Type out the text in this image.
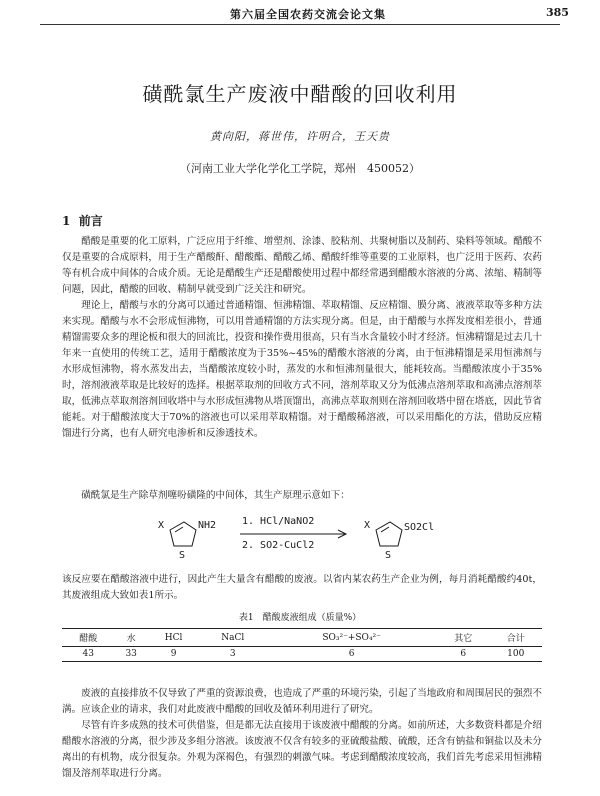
第六届全国农药交流会论文集	385
磺酰氯生产废液中醋酸的回收利用
黄向阳，蒋世伟，许明合，王天贵
（河南工业大学化学化工学院，郑州　450052）
1 前言
醋酸是重要的化工原料，广泛应用于纤维、增塑剂、涂漆、胶粘剂、共聚树脂以及制药、染料等领域。醋酸不仅是重要的合成原料，用于生产醋酸酐、醋酸酯、醋酸乙烯、醋酸纤维等重要的工业原料，也广泛用于医药、农药等有机合成中间体的合成介质。无论是醋酸生产还是醋酸使用过程中都经常遇到醋酸水溶液的分离、浓缩、精制等问题，因此，醋酸的回收、精制早就受到广泛关注和研究。
理论上，醋酸与水的分离可以通过普通精馏、恒沸精馏、萃取精馏、反应精馏、膜分离、液液萃取等多种方法来实现。醋酸与水不会形成恒沸物，可以用普通精馏的方法实现分离。但是，由于醋酸与水挥发度相差很小，普通精馏需要众多的理论板和很大的回流比，投资和操作费用很高，只有当水含量较小时才经济。恒沸精馏是过去几十年来一直使用的传统工艺，适用于醋酸浓度为于35%~45%的醋酸水溶液的分离，由于恒沸精馏是采用恒沸剂与水形成恒沸物，将水蒸发出去，当醋酸浓度较小时，蒸发的水和恒沸剂量很大，能耗较高。当醋酸浓度小于35%时，溶剂液液萃取是比较好的选择。根据萃取剂的回收方式不同，溶剂萃取又分为低沸点溶剂萃取和高沸点溶剂萃取，低沸点萃取剂溶剂回收塔中与水形成恒沸物从塔顶馏出，高沸点萃取剂则在溶剂回收塔中留在塔底，因此节省能耗。对于醋酸浓度大于70%的溶液也可以采用萃取精馏。对于醋酸稀溶液，可以采用酯化的方法，借助反应精馏进行分离，也有人研究电渗析和反渗透技术。
磺酰氯是生产除草剂噻吩磺隆的中间体，其生产原理示意如下：
X
S
NH2	1. HCl/NaNO2
2. SO2-CuCl2
X
S
SO2Cl
该反应要在醋酸溶液中进行，因此产生大量含有醋酸的废液。以省内某农药生产企业为例，每月消耗醋酸约40t，其废液组成大致如表1所示。
表1　醋酸废液组成（质量%）
醋酸	水	HCl	NaCl	SO₃²⁻+SO₄²⁻	其它	合计
43	33	9	3	6	6	100
废液的直接排放不仅导致了严重的资源浪费，也造成了严重的环境污染，引起了当地政府和周围居民的强烈不满。应该企业的请求，我们对此废液中醋酸的回收及循环利用进行了研究。
尽管有许多成熟的技术可供借鉴，但是都无法直接用于该废液中醋酸的分离。如前所述，大多数资料都是介绍醋酸水溶液的分离，很少涉及多组分溶液。该废液不仅含有较多的亚硫酸盐酸、硫酸，还含有钠盐和铜盐以及未分离出的有机物，成分很复杂。外观为深褐色，有强烈的刺激气味。考虑到醋酸浓度较高，我们首先考虑采用恒沸精馏及溶剂萃取进行分离。
